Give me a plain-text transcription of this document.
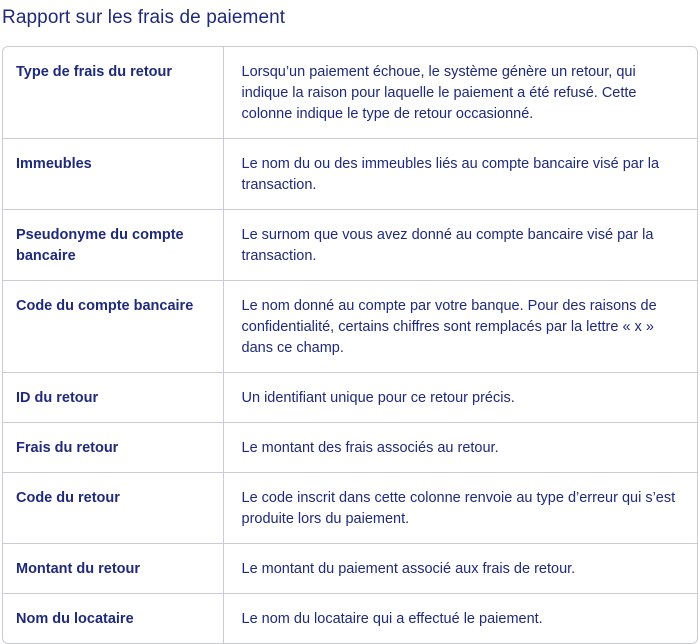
Rapport sur les frais de paiement
Type de frais du retour	Lorsqu’un paiement échoue, le système génère un retour, qui indique la raison pour laquelle le paiement a été refusé. Cette colonne indique le type de retour occasionné.
Immeubles	Le nom du ou des immeubles liés au compte bancaire visé par la transaction.
Pseudonyme du compte bancaire	Le surnom que vous avez donné au compte bancaire visé par la transaction.
Code du compte bancaire	Le nom donné au compte par votre banque. Pour des raisons de confidentialité, certains chiffres sont remplacés par la lettre « x » dans ce champ.
ID du retour	Un identifiant unique pour ce retour précis.
Frais du retour	Le montant des frais associés au retour.
Code du retour	Le code inscrit dans cette colonne renvoie au type d’erreur qui s’est produite lors du paiement.
Montant du retour	Le montant du paiement associé aux frais de retour.
Nom du locataire	Le nom du locataire qui a effectué le paiement.
